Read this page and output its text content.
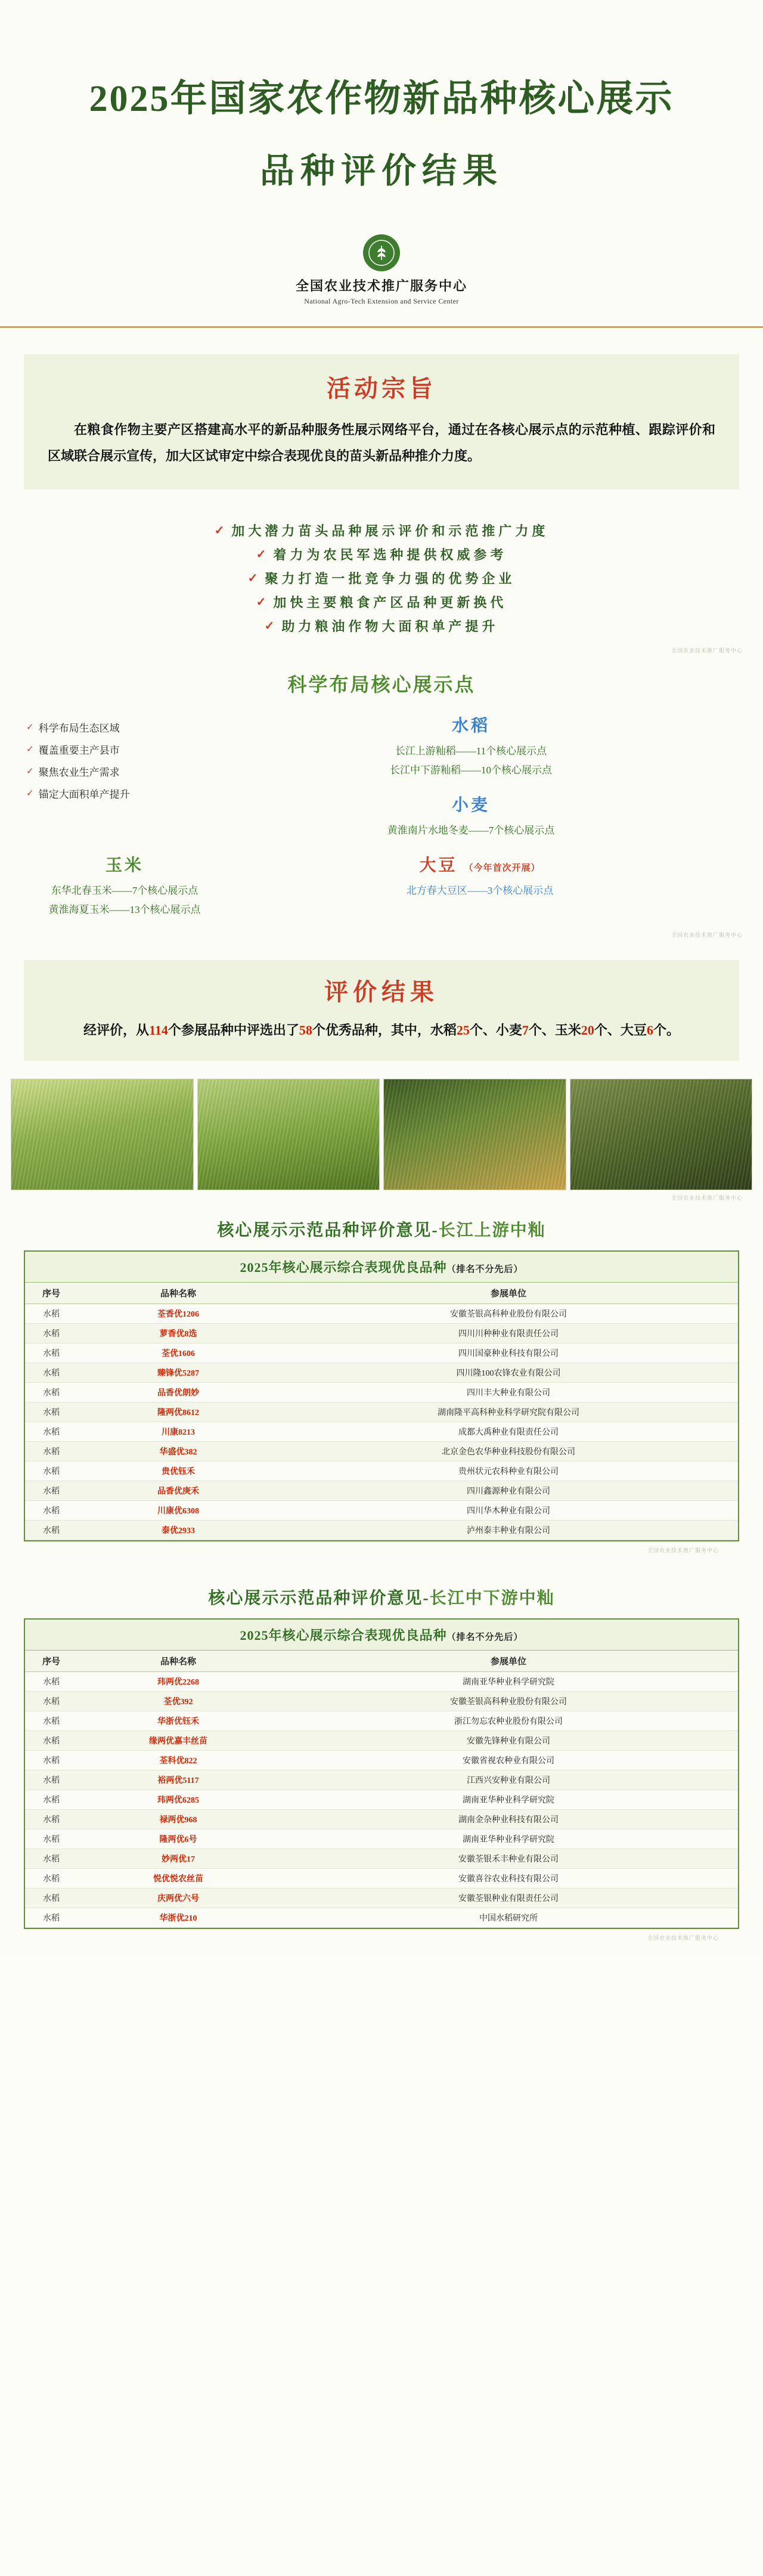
2025年国家农作物新品种核心展示
品种评价结果
全国农业技术推广服务中心
National Agro-Tech Extension and Service Center
活动宗旨
在粮食作物主要产区搭建高水平的新品种服务性展示网络平台，通过在各核心展示点的示范种植、跟踪评价和区域联合展示宣传，加大区试审定中综合表现优良的苗头新品种推介力度。
✓ 加大潜力苗头品种展示评价和示范推广力度
✓ 着力为农民军选种提供权威参考
✓ 聚力打造一批竞争力强的优势企业
✓ 加快主要粮食产区品种更新换代
✓ 助力粮油作物大面积单产提升
全国农业技术推广服务中心
科学布局核心展示点
✓ 科学布局生态区域
✓ 覆盖重要主产县市
✓ 聚焦农业生产需求
✓ 锚定大面积单产提升
水稻
长江上游籼稻——11个核心展示点
长江中下游籼稻——10个核心展示点
小麦
黄淮南片水地冬麦——7个核心展示点
玉米
东华北春玉米——7个核心展示点
黄淮海夏玉米——13个核心展示点
大豆 （今年首次开展）
北方春大豆区——3个核心展示点
全国农业技术推广服务中心
评价结果
经评价，从114个参展品种中评选出了58个优秀品种，其中，水稻25个、小麦7个、玉米20个、大豆6个。
全国农业技术推广服务中心
核心展示示范品种评价意见-长江上游中籼
2025年核心展示综合表现优良品种（排名不分先后）
序号	品种名称	参展单位
水稻	荃香优1206	安徽荃银高科种业股份有限公司
水稻	萝香优8选	四川川种种业有限责任公司
水稻	荃优1606	四川国豪种业科技有限公司
水稻	臻锋优5287	四川隆100农锋农业有限公司
水稻	品香优朗妙	四川丰大种业有限公司
水稻	隆两优8612	湖南隆平高科种业科学研究院有限公司
水稻	川康8213	成都大禹种业有限责任公司
水稻	华盛优382	北京金色农华种业科技股份有限公司
水稻	贵优钰禾	贵州状元农科种业有限公司
水稻	品香优庚禾	四川鑫源种业有限公司
水稻	川康优6308	四川华木种业有限公司
水稻	泰优2933	泸州泰丰种业有限公司
全国农业技术推广服务中心
核心展示示范品种评价意见-长江中下游中籼
2025年核心展示综合表现优良品种（排名不分先后）
序号	品种名称	参展单位
水稻	玮两优2268	湖南亚华种业科学研究院
水稻	荃优392	安徽荃银高科种业股份有限公司
水稻	华浙优钰禾	浙江勿忘农种业股份有限公司
水稻	缘两优嘉丰丝苗	安徽先锋种业有限公司
水稻	荃科优822	安徽省视农种业有限公司
水稻	裕两优5117	江西兴安种业有限公司
水稻	玮两优6285	湖南亚华种业科学研究院
水稻	禄两优968	湖南金杂种业科技有限公司
水稻	隆两优6号	湖南亚华种业科学研究院
水稻	妙两优17	安徽荃银禾丰种业有限公司
水稻	悦优悦农丝苗	安徽喜谷农业科技有限公司
水稻	庆两优六号	安徽荃银种业有限责任公司
水稻	华浙优210	中国水稻研究所
全国农业技术推广服务中心
